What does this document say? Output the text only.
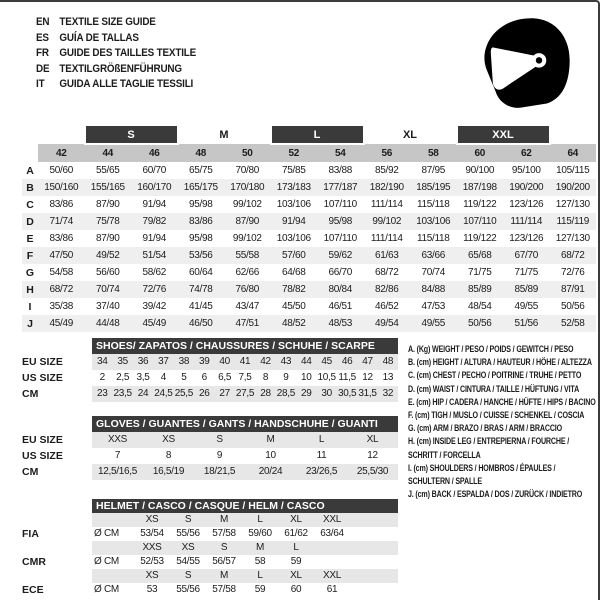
EN TEXTILE SIZE GUIDE
ES GUÍA DE TALLAS
FR GUIDE DES TAILLES TEXTILE
DE TEXTILGRÖßENFÜHRUNG
IT	GUIDA ALLE TAGLIE TESSILI
		S		M		L		XL		XXL		
	42	44	46	48	50	52	54	56	58	60	62	64
A	50/60	55/65	60/70	65/75	70/80	75/85	83/88	85/92	87/95	90/100	95/100	105/115
B	150/160	155/165	160/170	165/175	170/180	173/183	177/187	182/190	185/195	187/198	190/200	190/200
C	83/86	87/90	91/94	95/98	99/102	103/106	107/110	111/114	115/118	119/122	123/126	127/130
D	71/74	75/78	79/82	83/86	87/90	91/94	95/98	99/102	103/106	107/110	111/114	115/119
E	83/86	87/90	91/94	95/98	99/102	103/106	107/110	111/114	115/118	119/122	123/126	127/130
F	47/50	49/52	51/54	53/56	55/58	57/60	59/62	61/63	63/66	65/68	67/70	68/72
G	54/58	56/60	58/62	60/64	62/66	64/68	66/70	68/72	70/74	71/75	71/75	72/76
H	68/72	70/74	72/76	74/78	76/80	78/82	80/84	82/86	84/88	85/89	85/89	87/91
I	35/38	37/40	39/42	41/45	43/47	45/50	46/51	46/52	47/53	48/54	49/55	50/56
J	45/49	44/48	45/49	46/50	47/51	48/52	48/53	49/54	49/55	50/56	51/56	52/58
SHOES/ ZAPATOS / CHAUSSURES / SCHUHE / SCARPE
EU SIZE	34 35 36 37 38 39 40 41 42 43 44 45 46 47 48
US SIZE	2	2,5 3,5	4	5	6	6,5 7,5	8	9	10 10,5 11,5 12 13
CM	23 23,5 24 24,5 25,5 26 27 27,5 28 28,5 29 30 30,5 31,5 32
GLOVES / GUANTES / GANTS / HANDSCHUHE / GUANTI
EU SIZE	XXS	XS	S	M	L	XL
US SIZE	7	8	9	10	11	12
CM	12,5/16,5	16,5/19	18/21,5	20/24	23/26,5	25,5/30
HELMET / CASCO / CASQUE / HELM / CASCO
XS	S	M	L	XL	XXL
FIA	Ø CM	53/54	55/56	57/58	59/60	61/62	63/64
XXS	XS	S	M	L
CMR	Ø CM	52/53	54/55	56/57	58	59
XS	S	M	L	XL	XXL
ECE	Ø CM	53	55/56	57/58	59	60	61
A. (Kg) WEIGHT / PESO / POIDS / GEWITCH / PESO
B. (cm) HEIGHT / ALTURA / HAUTEUR / HÖHE / ALTEZZA
C. (cm) CHEST / PECHO / POITRINE / TRUHE / PETTO
D. (cm) WAIST / CINTURA / TAILLE / HÜFTUNG / VITA
E. (cm) HIP / CADERA / HANCHE / HÜFTE / HIPS / BACINO
F. (cm) TIGH / MUSLO / CUISSE / SCHENKEL / COSCIA
G. (cm) ARM / BRAZO / BRAS / ARM / BRACCIO
H. (cm) INSIDE LEG / ENTREPIERNA / FOURCHE / SCHRITT / FORCELLA
I. (cm) SHOULDERS / HOMBROS / ÉPAULES / SCHULTERN / SPALLE
J. (cm) BACK / ESPALDA / DOS / ZURÜCK / INDIETRO
